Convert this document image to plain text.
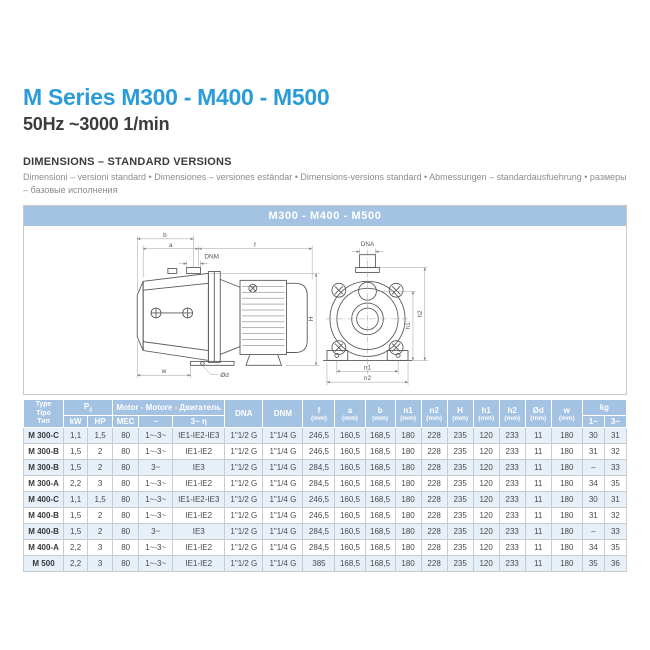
M Series M300 - M400 - M500
50Hz ~3000 1/min
DIMENSIONS – STANDARD VERSIONS

Dimensioni – versioni standard • Dimensiones – versiones estándar • Dimensions-versions standard • Abmessungen – standardausfuehrung • размеры – базовые исполнения

M300 - M400 - M500
b
a	f
DNM
H
w
Ød
DNA
h1
h2
n1
n2
Type
Tipo
Тип	$P_2$		Motor - Motore - Двигатель			DNA	DNM	f
(mm)	a
(mm)	b
(mm)	n1
(mm)	n2
(mm)	H
(mm)	h1
(mm)	h2
(mm)	Ød
(mm)	w
(mm)	kg	
	kW	HP	MEC	~	3~ η													1~	3~
M 300-C	1,1	1,5	80	1~-3~	IE1-IE2-IE3	1"1/2 G	1"1/4 G	246,5	160,5	168,5	180	228	235	120	233	11	180	30	31
M 300-B	1,5	2	80	1~-3~	IE1-IE2	1"1/2 G	1"1/4 G	246,5	160,5	168,5	180	228	235	120	233	11	180	31	32
M 300-B	1,5	2	80	3~	IE3	1"1/2 G	1"1/4 G	284,5	160,5	168,5	180	228	235	120	233	11	180	–	33
M 300-A	2,2	3	80	1~-3~	IE1-IE2	1"1/2 G	1"1/4 G	284,5	160,5	168,5	180	228	235	120	233	11	180	34	35
M 400-C	1,1	1,5	80	1~-3~	IE1-IE2-IE3	1"1/2 G	1"1/4 G	246,5	160,5	168,5	180	228	235	120	233	11	180	30	31
M 400-B	1,5	2	80	1~-3~	IE1-IE2	1"1/2 G	1"1/4 G	246,5	160,5	168,5	180	228	235	120	233	11	180	31	32
M 400-B	1,5	2	80	3~	IE3	1"1/2 G	1"1/4 G	284,5	160,5	168,5	180	228	235	120	233	11	180	–	33
M 400-A	2,2	3	80	1~-3~	IE1-IE2	1"1/2 G	1"1/4 G	284,5	160,5	168,5	180	228	235	120	233	11	180	34	35
M 500	2,2	3	80	1~-3~	IE1-IE2	1"1/2 G	1"1/4 G	385	168,5	168,5	180	228	235	120	233	11	180	35	36
